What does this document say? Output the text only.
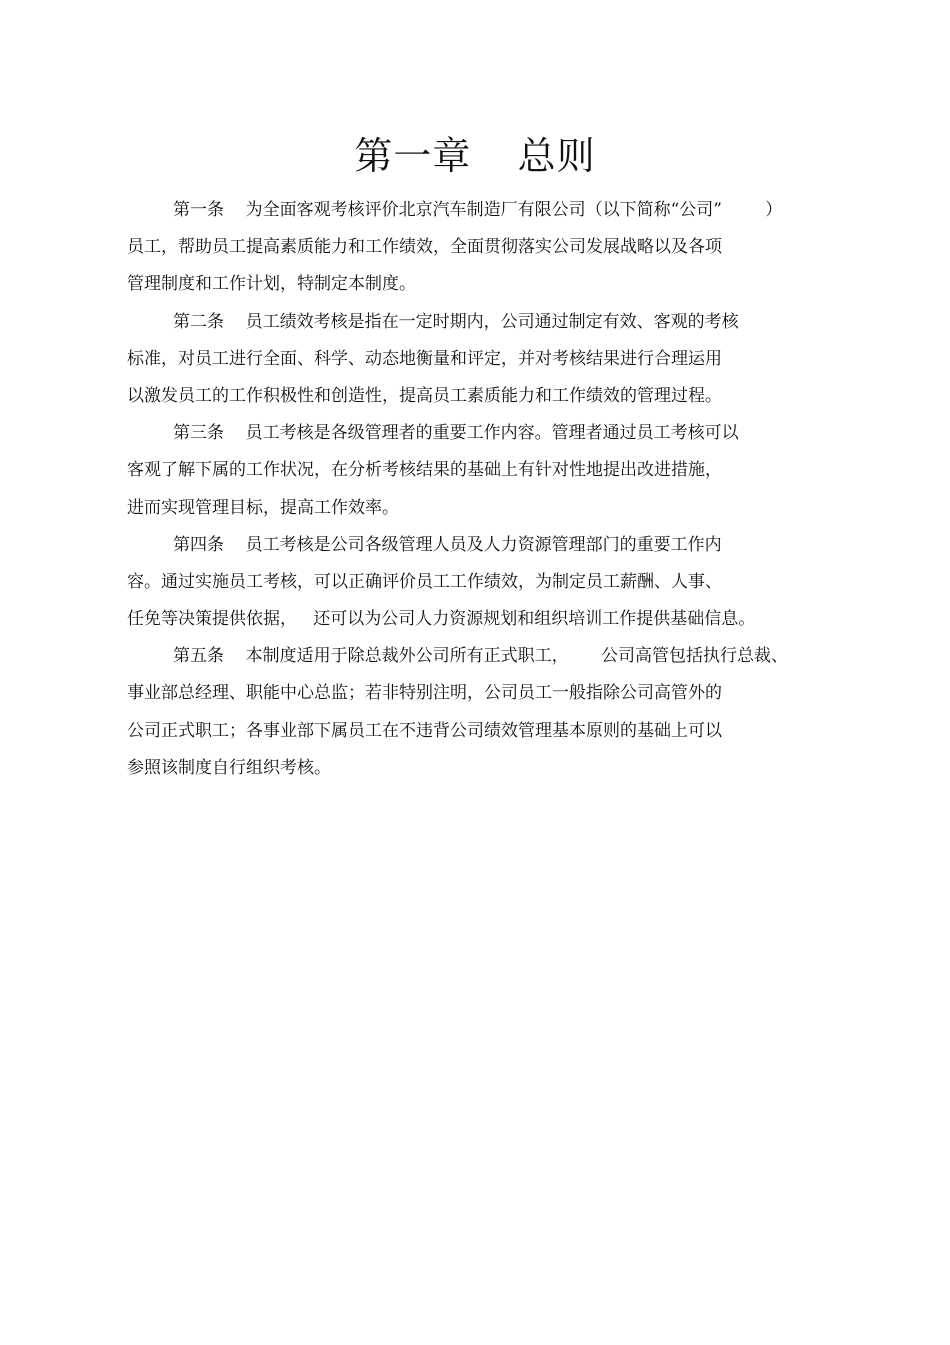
第一章  总则
第一条    为全面客观考核评价北京汽车制造厂有限公司（以下简称“公司”        ）
员工，帮助员工提高素质能力和工作绩效，全面贯彻落实公司发展战略以及各项
管理制度和工作计划，特制定本制度。
第二条    员工绩效考核是指在一定时期内，公司通过制定有效、客观的考核
标准，对员工进行全面、科学、动态地衡量和评定，并对考核结果进行合理运用
以激发员工的工作积极性和创造性，提高员工素质能力和工作绩效的管理过程。
第三条    员工考核是各级管理者的重要工作内容。管理者通过员工考核可以
客观了解下属的工作状况，在分析考核结果的基础上有针对性地提出改进措施，
进而实现管理目标，提高工作效率。
第四条    员工考核是公司各级管理人员及人力资源管理部门的重要工作内
容。通过实施员工考核，可以正确评价员工工作绩效，为制定员工薪酬、人事、
任免等决策提供依据，   还可以为公司人力资源规划和组织培训工作提供基础信息。
第五条    本制度适用于除总裁外公司所有正式职工，      公司高管包括执行总裁、
事业部总经理、职能中心总监；若非特别注明，公司员工一般指除公司高管外的
公司正式职工；各事业部下属员工在不违背公司绩效管理基本原则的基础上可以
参照该制度自行组织考核。
